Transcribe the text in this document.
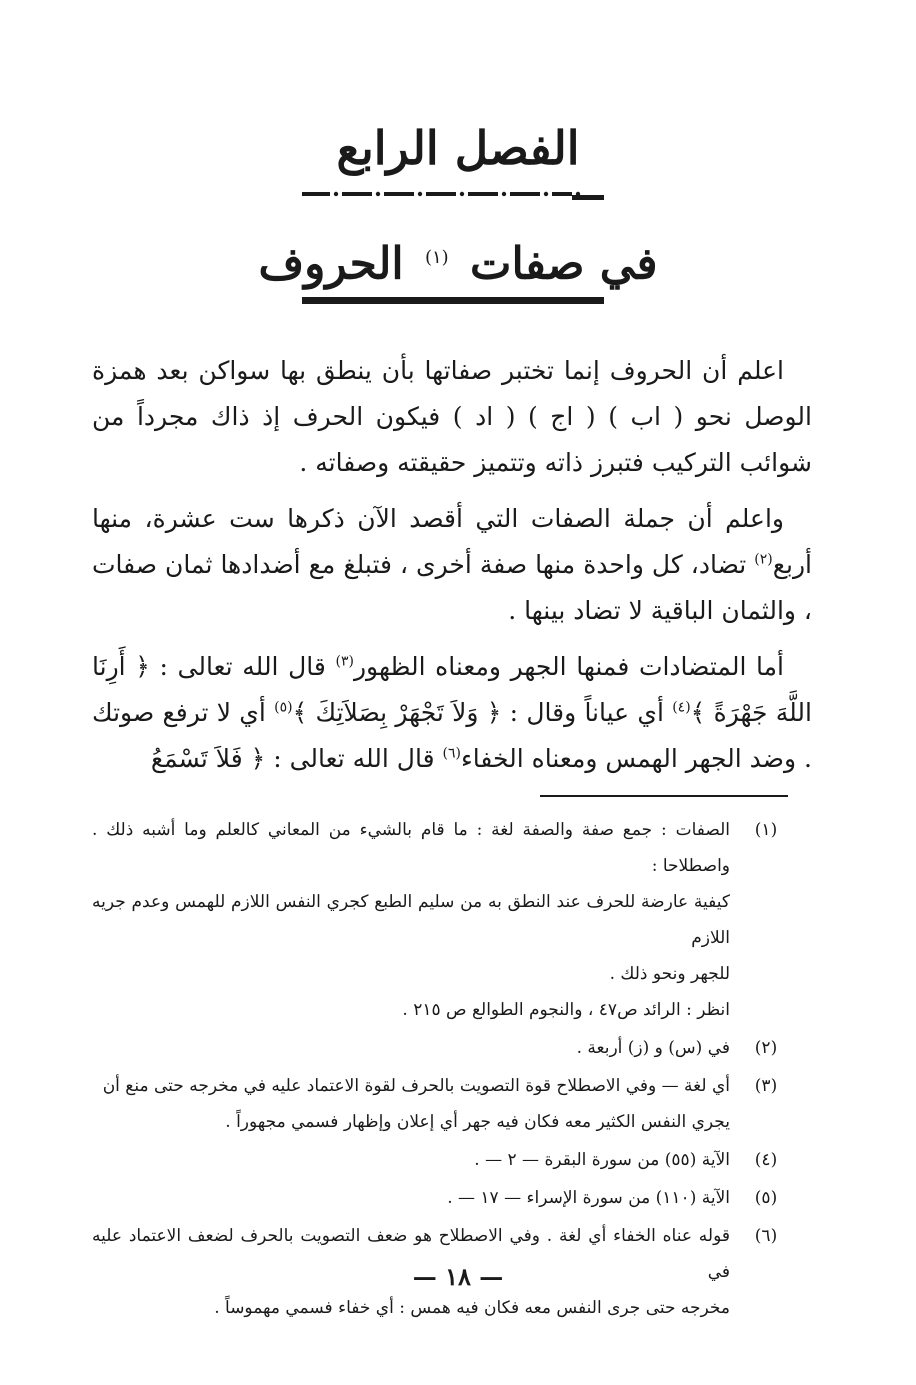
الفصل الرابع
في صفات $^{(١)}$ الحروف

اعلم أن الحروف إنما تختبر صفاتها بأن ينطق بها سواكن بعد همزة الوصل نحو ( اب ) ( اج ) ( اد ) فيكون الحرف إذ ذاك مجرداً من شوائب التركيب فتبرز ذاته وتتميز حقيقته وصفاته .

واعلم أن جملة الصفات التي أقصد الآن ذكرها ست عشرة، منها أربع$^{(٢)}$ تضاد، كل واحدة منها صفة أخرى ، فتبلغ مع أضدادها ثمان صفات ، والثمان الباقية لا تضاد بينها .

أما المتضادات فمنها الجهر ومعناه الظهور$^{(٣)}$ قال الله تعالى : ﴿ أَرِنَا اللَّهَ جَهْرَةً ﴾$^{(٤)}$ أي عياناً وقال : ﴿ وَلاَ تَجْهَرْ بِصَلاَتِكَ ﴾$^{(٥)}$ أي لا ترفع صوتك . وضد الجهر الهمس ومعناه الخفاء$^{(٦)}$ قال الله تعالى : ﴿ فَلاَ تَسْمَعُ

(١)
الصفات : جمع صفة والصفة لغة : ما قام بالشيء من المعاني كالعلم وما أشبه ذلك . واصطلاحا :
كيفية عارضة للحرف عند النطق به من سليم الطبع كجري النفس اللازم للهمس وعدم جريه اللازم
للجهر ونحو ذلك .
انظر : الرائد ص٤٧ ، والنجوم الطوالع ص ٢١٥ .
(٢)
في (س) و (ز) أربعة .
(٣)
أي لغة — وفي الاصطلاح قوة التصويت بالحرف لقوة الاعتماد عليه في مخرجه حتى منع أن
يجري النفس الكثير معه فكان فيه جهر أي إعلان وإظهار فسمي مجهوراً .
(٤)
الآية (٥٥) من سورة البقرة — ٢ — .
(٥)
الآية (١١٠) من سورة الإسراء — ١٧ — .
(٦)
قوله عناه الخفاء أي لغة . وفي الاصطلاح هو ضعف التصويت بالحرف لضعف الاعتماد عليه في
مخرجه حتى جرى النفس معه فكان فيه همس : أي خفاء فسمي مهموساً .
— ١٨ —
